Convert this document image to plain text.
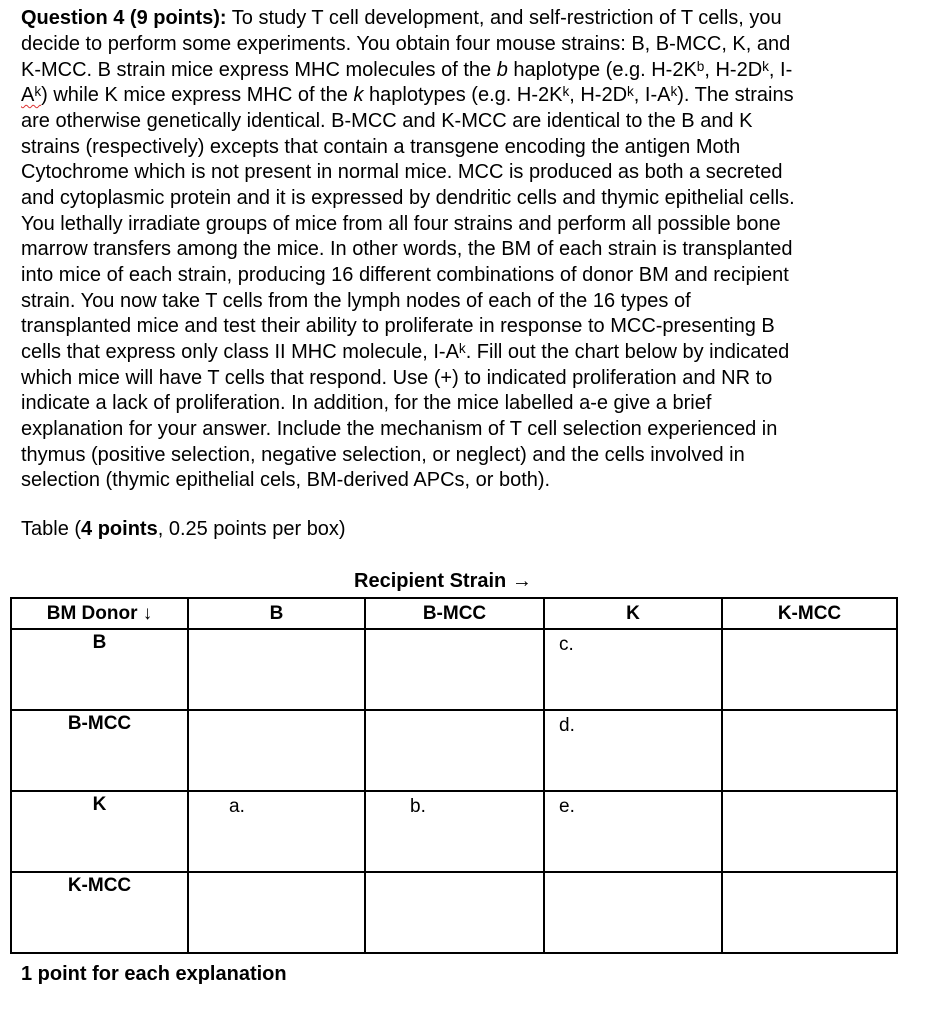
Question 4 (9 points): To study T cell development, and self-restriction of T cells, you
decide to perform some experiments. You obtain four mouse strains: B, B-MCC, K, and
K-MCC. B strain mice express MHC molecules of the b haplotype (e.g. H-2Kᵇ, H-2Dᵏ, I-
Aᵏ) while K mice express MHC of the k haplotypes (e.g. H-2Kᵏ, H-2Dᵏ, I-Aᵏ). The strains
are otherwise genetically identical. B-MCC and K-MCC are identical to the B and K
strains (respectively) excepts that contain a transgene encoding the antigen Moth
Cytochrome which is not present in normal mice. MCC is produced as both a secreted
and cytoplasmic protein and it is expressed by dendritic cells and thymic epithelial cells.
You lethally irradiate groups of mice from all four strains and perform all possible bone
marrow transfers among the mice. In other words, the BM of each strain is transplanted
into mice of each strain, producing 16 different combinations of donor BM and recipient
strain. You now take T cells from the lymph nodes of each of the 16 types of
transplanted mice and test their ability to proliferate in response to MCC-presenting B
cells that express only class II MHC molecule, I-Aᵏ. Fill out the chart below by indicated
which mice will have T cells that respond. Use (+) to indicated proliferation and NR to
indicate a lack of proliferation. In addition, for the mice labelled a-e give a brief
explanation for your answer. Include the mechanism of T cell selection experienced in
thymus (positive selection, negative selection, or neglect) and the cells involved in
selection (thymic epithelial cels, BM-derived APCs, or both).
Table (4 points, 0.25 points per box)
Recipient Strain →
BM Donor ↓	B	B-MCC	K	K-MCC
B			c.	
B-MCC			d.	
K	a.	b.	e.	
K-MCC				
1 point for each explanation
